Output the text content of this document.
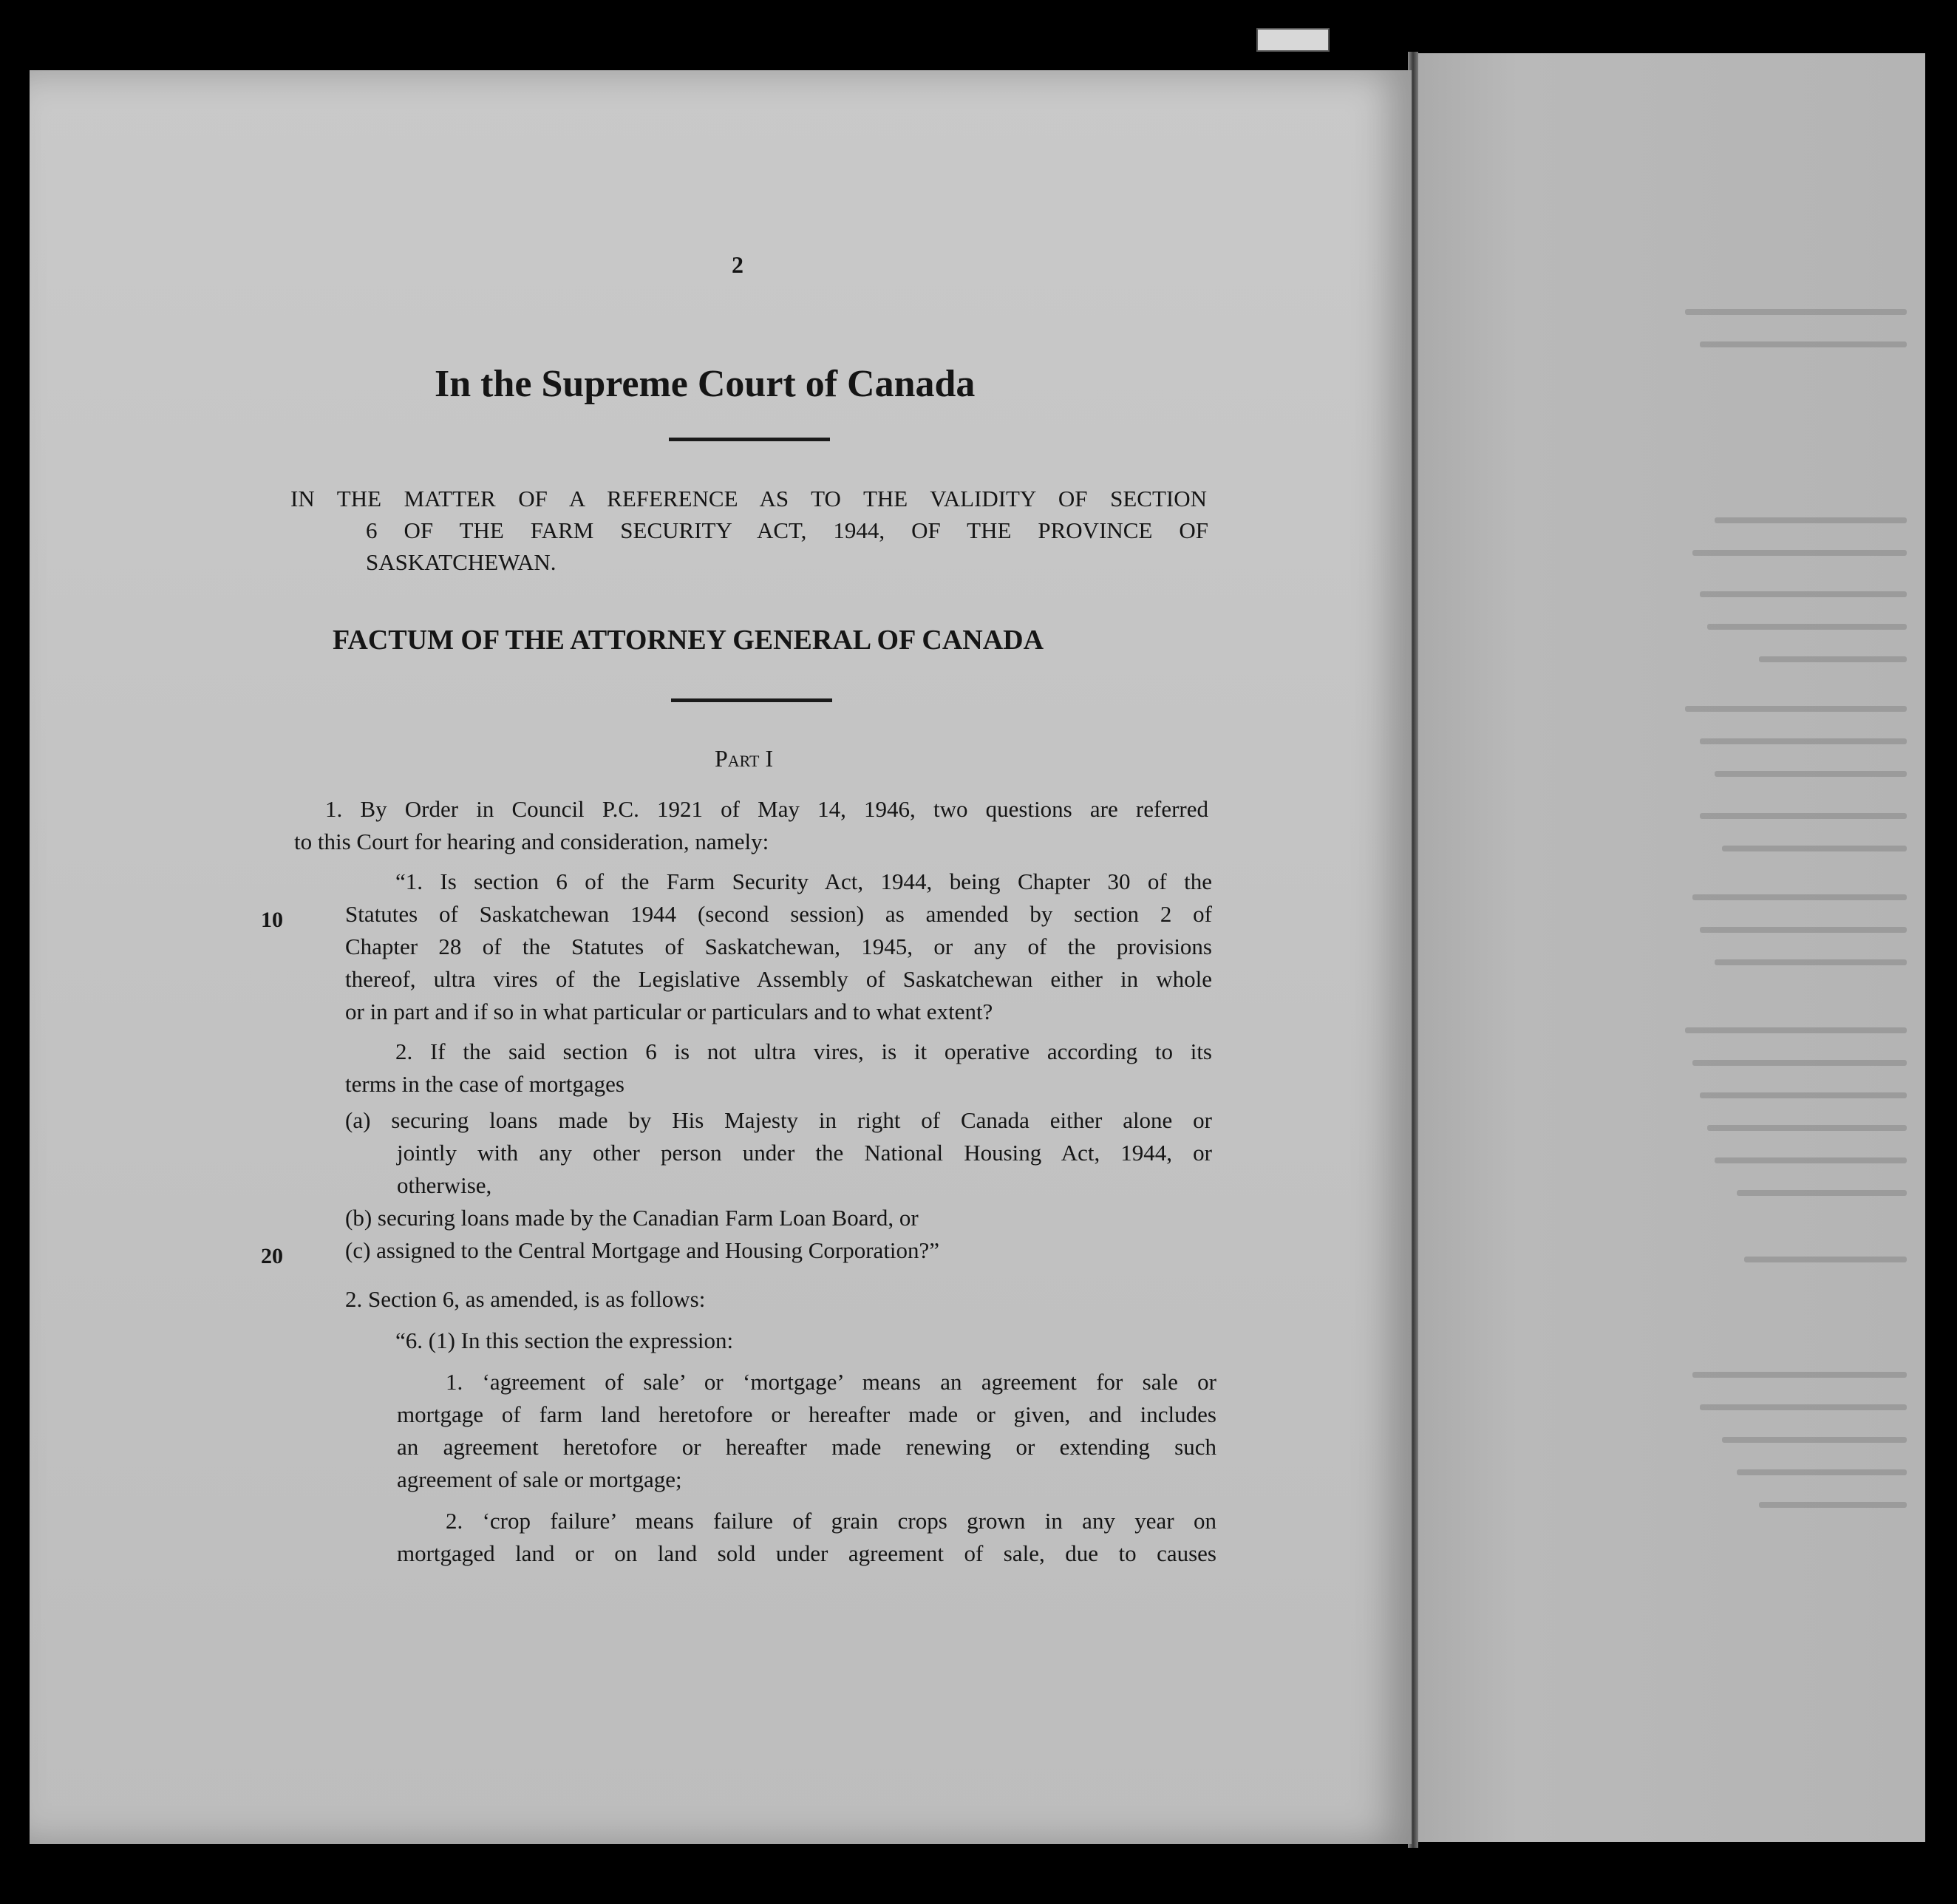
2
In the Supreme Court of Canada
IN THE MATTER OF A REFERENCE AS TO THE VALIDITY OF SECTION
6 OF THE FARM SECURITY ACT, 1944, OF THE PROVINCE OF
SASKATCHEWAN.
FACTUM OF THE ATTORNEY GENERAL OF CANADA
Part I
10
20
1. By Order in Council P.C. 1921 of May 14, 1946, two questions are referred
to this Court for hearing and consideration, namely:
“1. Is section 6 of the Farm Security Act, 1944, being Chapter 30 of the
Statutes of Saskatchewan 1944 (second session) as amended by section 2 of
Chapter 28 of the Statutes of Saskatchewan, 1945, or any of the provisions
thereof, ultra vires of the Legislative Assembly of Saskatchewan either in whole
or in part and if so in what particular or particulars and to what extent?
2. If the said section 6 is not ultra vires, is it operative according to its
terms in the case of mortgages
(a) securing loans made by His Majesty in right of Canada either alone or
jointly with any other person under the National Housing Act, 1944, or
otherwise,
(b) securing loans made by the Canadian Farm Loan Board, or
(c) assigned to the Central Mortgage and Housing Corporation?”
2. Section 6, as amended, is as follows:
“6. (1) In this section the expression:
1. ‘agreement of sale’ or ‘mortgage’ means an agreement for sale or
mortgage of farm land heretofore or hereafter made or given, and includes
an agreement heretofore or hereafter made renewing or extending such
agreement of sale or mortgage;
2. ‘crop failure’ means failure of grain crops grown in any year on
mortgaged land or on land sold under agreement of sale, due to causes
